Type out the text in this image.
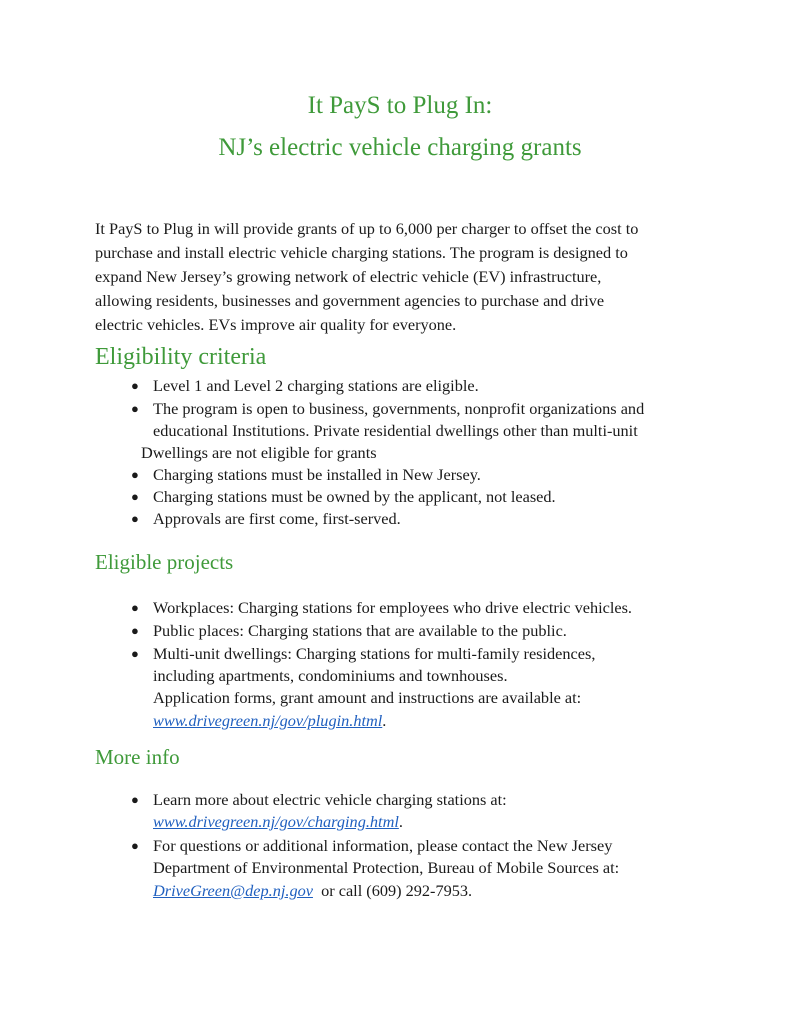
It PayS to Plug In:
NJ’s electric vehicle charging grants

It PayS to Plug in will provide grants of up to 6,000 per charger to offset the cost to
purchase and install electric vehicle charging stations. The program is designed to
expand New Jersey’s growing network of electric vehicle (EV) infrastructure,
allowing residents, businesses and government agencies to purchase and drive
electric vehicles. EVs improve air quality for everyone.

Eligibility criteria
● Level 1 and Level 2 charging stations are eligible.
● The program is open to business, governments, nonprofit organizations and
educational Institutions. Private residential dwellings other than multi-unit
Dwellings are not eligible for grants
● Charging stations must be installed in New Jersey.
● Charging stations must be owned by the applicant, not leased.
● Approvals are first come, first-served.
Eligible projects
● Workplaces: Charging stations for employees who drive electric vehicles.
● Public places: Charging stations that are available to the public.
● Multi-unit dwellings: Charging stations for multi-family residences,
including apartments, condominiums and townhouses.
Application forms, grant amount and instructions are available at:
www.drivegreen.nj/gov/plugin.html.
More info
● Learn more about electric vehicle charging stations at:
www.drivegreen.nj/gov/charging.html.
● For questions or additional information, please contact the New Jersey
Department of Environmental Protection, Bureau of Mobile Sources at:
DriveGreen@dep.nj.gov  or call (609) 292-7953.
